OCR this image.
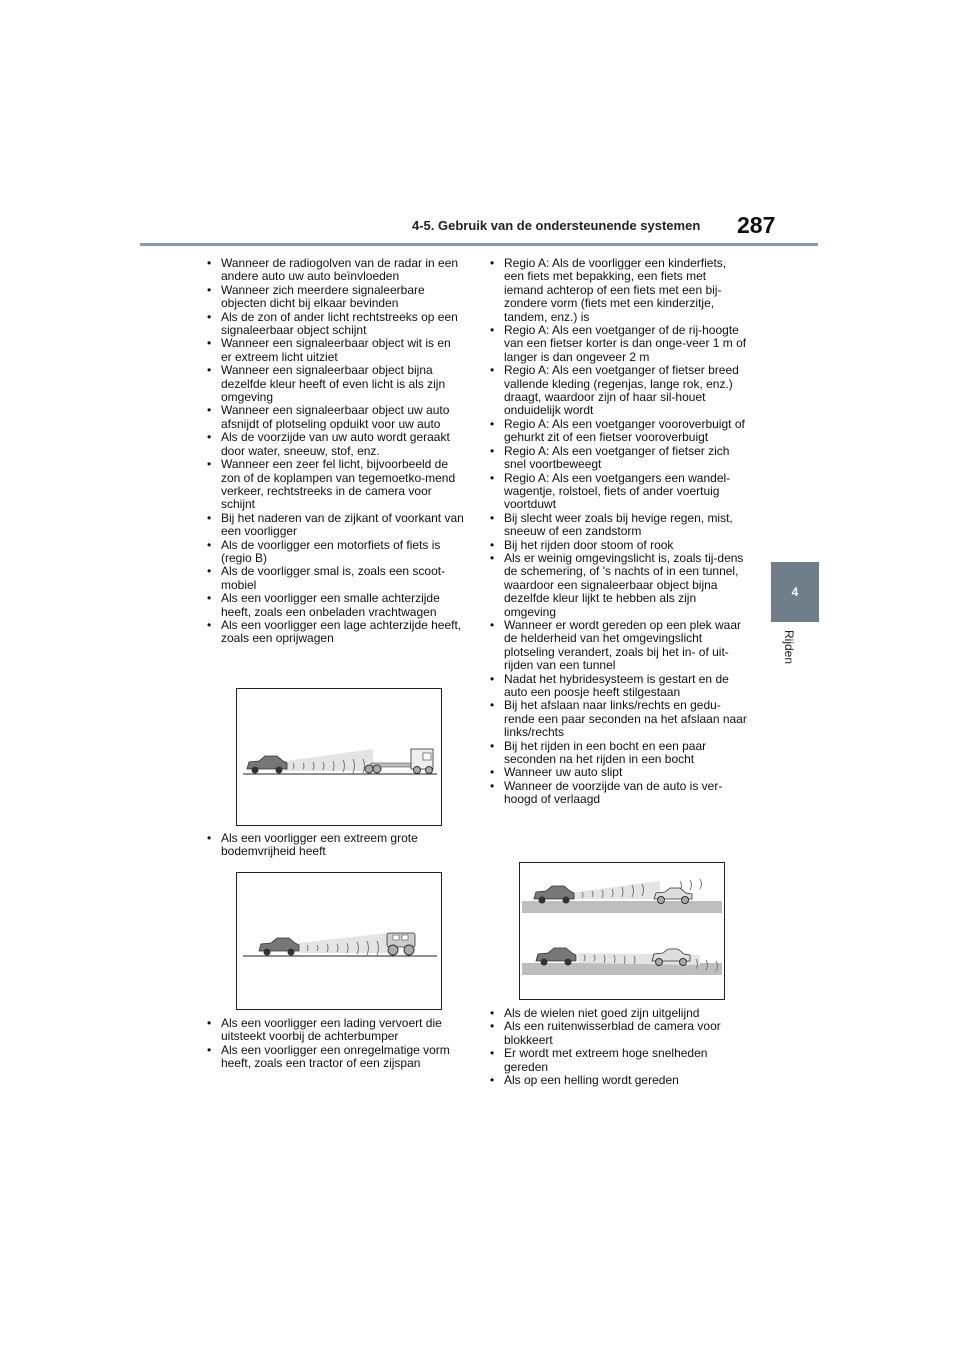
4-5. Gebruik van de ondersteunende systemen 287
4
Rijden
• Wanneer de radiogolven van de radar in een andere auto uw auto beïnvloeden
• Wanneer zich meerdere signaleerbare objecten dicht bij elkaar bevinden
• Als de zon of ander licht rechtstreeks op een signaleerbaar object schijnt
• Wanneer een signaleerbaar object wit is en er extreem licht uitziet
• Wanneer een signaleerbaar object bijna dezelfde kleur heeft of even licht is als zijn omgeving
• Wanneer een signaleerbaar object uw auto afsnijdt of plotseling opduikt voor uw auto
• Als de voorzijde van uw auto wordt geraakt door water, sneeuw, stof, enz.
• Wanneer een zeer fel licht, bijvoorbeeld de zon of de koplampen van tegemoetko-mend verkeer, rechtstreeks in de camera voor schijnt
• Bij het naderen van de zijkant of voorkant van een voorligger
• Als de voorligger een motorfiets of fiets is (regio B)
• Als de voorligger smal is, zoals een scoot-mobiel
• Als een voorligger een smalle achterzijde heeft, zoals een onbeladen vrachtwagen
• Als een voorligger een lage achterzijde heeft, zoals een oprijwagen
• Als een voorligger een extreem grote bodemvrijheid heeft
• Als een voorligger een lading vervoert die uitsteekt voorbij de achterbumper
• Als een voorligger een onregelmatige vorm heeft, zoals een tractor of een zijspan
• Regio A: Als de voorligger een kinderfiets, een fiets met bepakking, een fiets met iemand achterop of een fiets met een bij-zondere vorm (fiets met een kinderzitje, tandem, enz.) is
• Regio A: Als een voetganger of de rij-hoogte van een fietser korter is dan onge-veer 1 m of langer is dan ongeveer 2 m
• Regio A: Als een voetganger of fietser breed vallende kleding (regenjas, lange rok, enz.) draagt, waardoor zijn of haar sil-houet onduidelijk wordt
• Regio A: Als een voetganger vooroverbuigt of gehurkt zit of een fietser vooroverbuigt
• Regio A: Als een voetganger of fietser zich snel voortbeweegt
• Regio A: Als een voetgangers een wandel-wagentje, rolstoel, fiets of ander voertuig voortduwt
• Bij slecht weer zoals bij hevige regen, mist, sneeuw of een zandstorm
• Bij het rijden door stoom of rook
• Als er weinig omgevingslicht is, zoals tij-dens de schemering, of 's nachts of in een tunnel, waardoor een signaleerbaar object bijna dezelfde kleur lijkt te hebben als zijn omgeving
• Wanneer er wordt gereden op een plek waar de helderheid van het omgevingslicht plotseling verandert, zoals bij het in- of uit-rijden van een tunnel
• Nadat het hybridesysteem is gestart en de auto een poosje heeft stilgestaan
• Bij het afslaan naar links/rechts en gedu-rende een paar seconden na het afslaan naar links/rechts
• Bij het rijden in een bocht en een paar seconden na het rijden in een bocht
• Wanneer uw auto slipt
• Wanneer de voorzijde van de auto is ver-hoogd of verlaagd
• Als de wielen niet goed zijn uitgelijnd
• Als een ruitenwisserblad de camera voor blokkeert
• Er wordt met extreem hoge snelheden gereden
• Als op een helling wordt gereden
